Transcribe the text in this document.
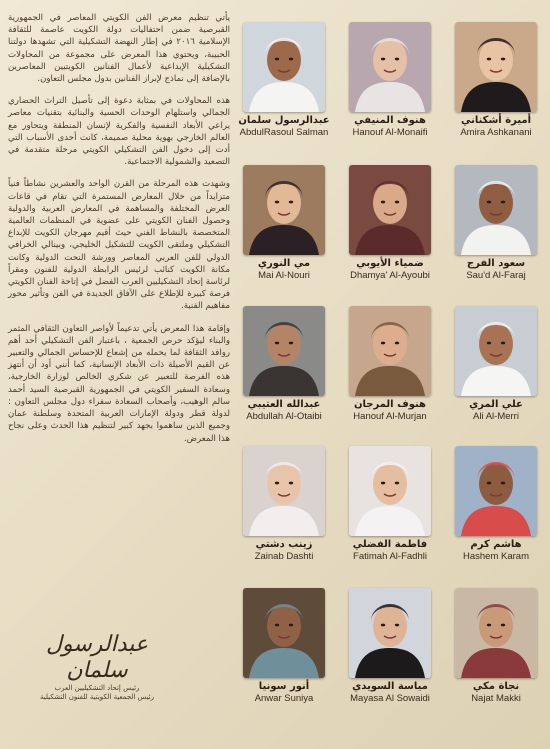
يأتي تنظيم معرض الفن الكويتي المعاصر في الجمهورية القبرصية ضمن احتفاليات دولة الكويت عاصمة للثقافة الإسلامية ٢٠١٦ في إطار النهضة التشكيلية التي تشهدها دولتنا الحبيبة، ويحتوي هذا المعرض على مجموعة من المحاولات التشكيلية الإبداعية لأعمال الفنانين الكويتيين المعاصرين بالإضافة إلى نماذج لإبراز الفنانين بدول مجلس التعاون.

هذه المحاولات في بمثابة دعوة إلى تأصيل التراث الحضاري الجمالي واستلهام الوحدات الحسية والبنائية بتقنيات معاصر يراعي الأبعاد النفسية والفكرية لإنسان المنطقة ويتحاور مع العالم الخارجي بهوية محلية صميمة، كانت أحدى الأسباب التي أدت إلى دخول الفن التشكيلي الكويتي مرحلة متقدمة في التصعيد والشمولية الاجتماعية.

وشهدت هذه المرحلة من القرن الواحد والعشرين نشاطاً فنياً متزايداً من خلال المعارض المستمرة التي تقام في قاعات العرض المختلفة والمساهمة في المعارض العربية والدولية وحصول الفنان الكويتي على عضوية في المنظمات العالمية المتخصصة بالنشاط الفني حيث أقيم مهرجان الكويت للإبداع التشكيلي وملتقى الكويت للتشكيل الخليجي، وبينالي الخرافي الدولي للفن العربي المعاصر وورشة النحت الدولية وكانت مكانة الكويت كنائب لرئيس الرابطة الدولية للفنون ومقراً لرئاسة إتحاد التشكيليين العرب الفضل في إتاحة الفنان الكويتي فرصة كبيرة للإطلاع على الآفاق الجديدة في الفن وتأثير محور مفاهيم الفنية.

وإقامة هذا المعرض يأتي تدعيماً لأواصر التعاون الثقافي المثمر والبناء ليؤكد حرص الجمعية ، باعتبار الفن التشكيلي أحد أهم روافد الثقافة لما يحمله من إشعاع للإحساس الجمالي والتعبير عن القيم الأصيلة ذات الأبعاد الإنسانية، كما أنني أود أن أنتهز هذه الفرصة للتعبير عن شكري الخالص لوزارة الخارجية، وسعادة السفير الكويتي في الجمهورية القبرصية السيد أحمد سالم الوهيب، وأصحاب السعادة سفراء دول مجلس التعاون : لدولة قطر ودولة الإمارات العربية المتحدة وسلطنة عمان وجميع الذين ساهموا بجهد كبير لتنظيم هذا الحدث وعلى نجاح هذا المعرض.

عبدالرسول سلمان
رئيس إتحاد التشكيليين العرب
رئيس الجمعية الكويتية للفنون التشكيلية
أميرة أشكناني
Amira Ashkanani
هنوف المنيفي
Hanouf Al-Monaifi
عبدالرسول سلمان
AbdulRasoul Salman
سعود الفرج
Sau'd Al-Faraj
ضمياء الأيوبي
Dhamya' Al-Ayoubi
مي النوري
Mai Al-Nouri
علي المري
Ali Al-Merri
هنوف المرجان
Hanouf Al-Murjan
عبدالله العتيبي
Abdullah Al-Otaibi
هاشم كرم
Hashem Karam
فاطمة الفضلي
Fatimah Al-Fadhli
زينب دشتي
Zainab Dashti
نجاة مكي
Najat Makki
مياسة السويدي
Mayasa Al Sowaidi
أنور سونيا
Anwar Suniya
